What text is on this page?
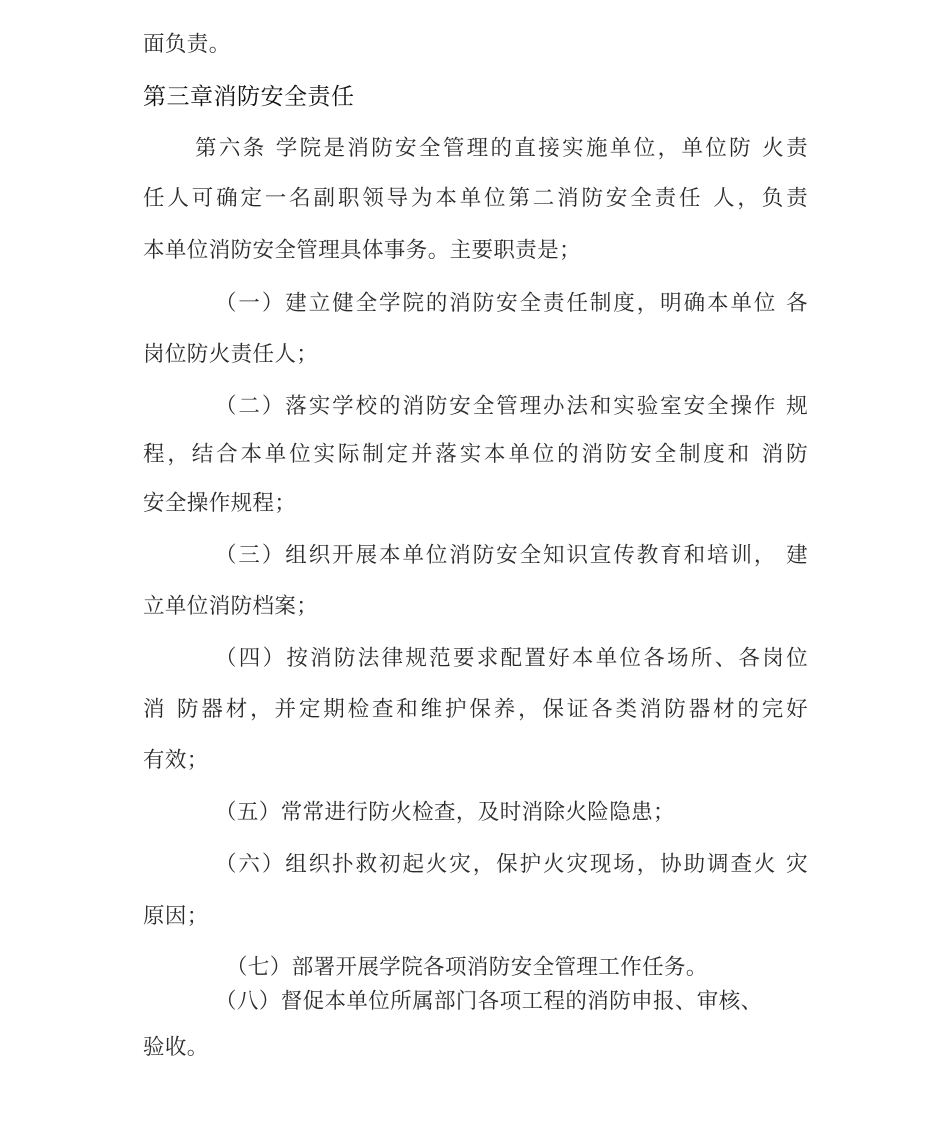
面负责。
第三章消防安全责任
第六条 学院是消防安全管理的直接实施单位，单位防 火责
任人可确定一名副职领导为本单位第二消防安全责任 人，负责
本单位消防安全管理具体事务。主要职责是；
（一）建立健全学院的消防安全责任制度，明确本单位 各
岗位防火责任人；
（二）落实学校的消防安全管理办法和实验室安全操作 规
程，结合本单位实际制定并落实本单位的消防安全制度和 消防
安全操作规程；
（三）组织开展本单位消防安全知识宣传教育和培训， 建
立单位消防档案；
（四）按消防法律规范要求配置好本单位各场所、各岗位
消 防器材，并定期检查和维护保养，保证各类消防器材的完好
有效；
（五）常常进行防火检查，及时消除火险隐患；
（六）组织扑救初起火灾，保护火灾现场，协助调查火 灾
原因；
（七）部署开展学院各项消防安全管理工作任务。
（八）督促本单位所属部门各项工程的消防申报、审核、
验收。
